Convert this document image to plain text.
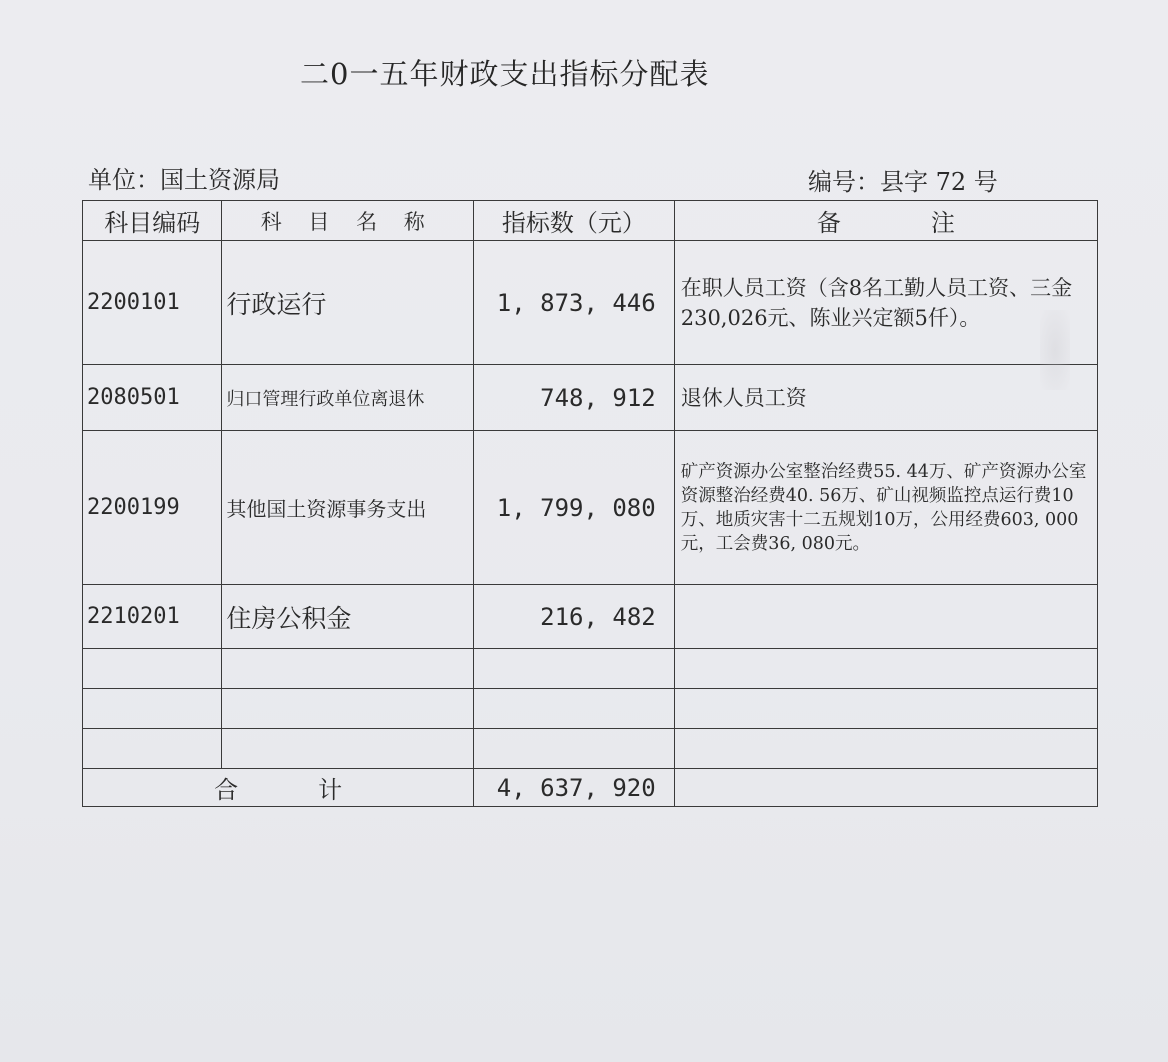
二0一五年财政支出指标分配表
单位：国土资源局	编号：县字 72 号
科目编码	科 目 名 称	指标数（元）	备 注
2200101	行政运行	1, 873, 446	在职人员工资（含8名工勤人员工资、三金230,026元、陈业兴定额5仟）。
2080501	归口管理行政单位离退休	748, 912	退休人员工资
2200199	其他国土资源事务支出	1, 799, 080	矿产资源办公室整治经费55. 44万、矿产资源办公室资源整治经费40. 56万、矿山视频监控点运行费10万、地质灾害十二五规划10万，公用经费603, 000元，工会费36, 080元。
2210201	住房公积金	216, 482	

合 计		4, 637, 920	
